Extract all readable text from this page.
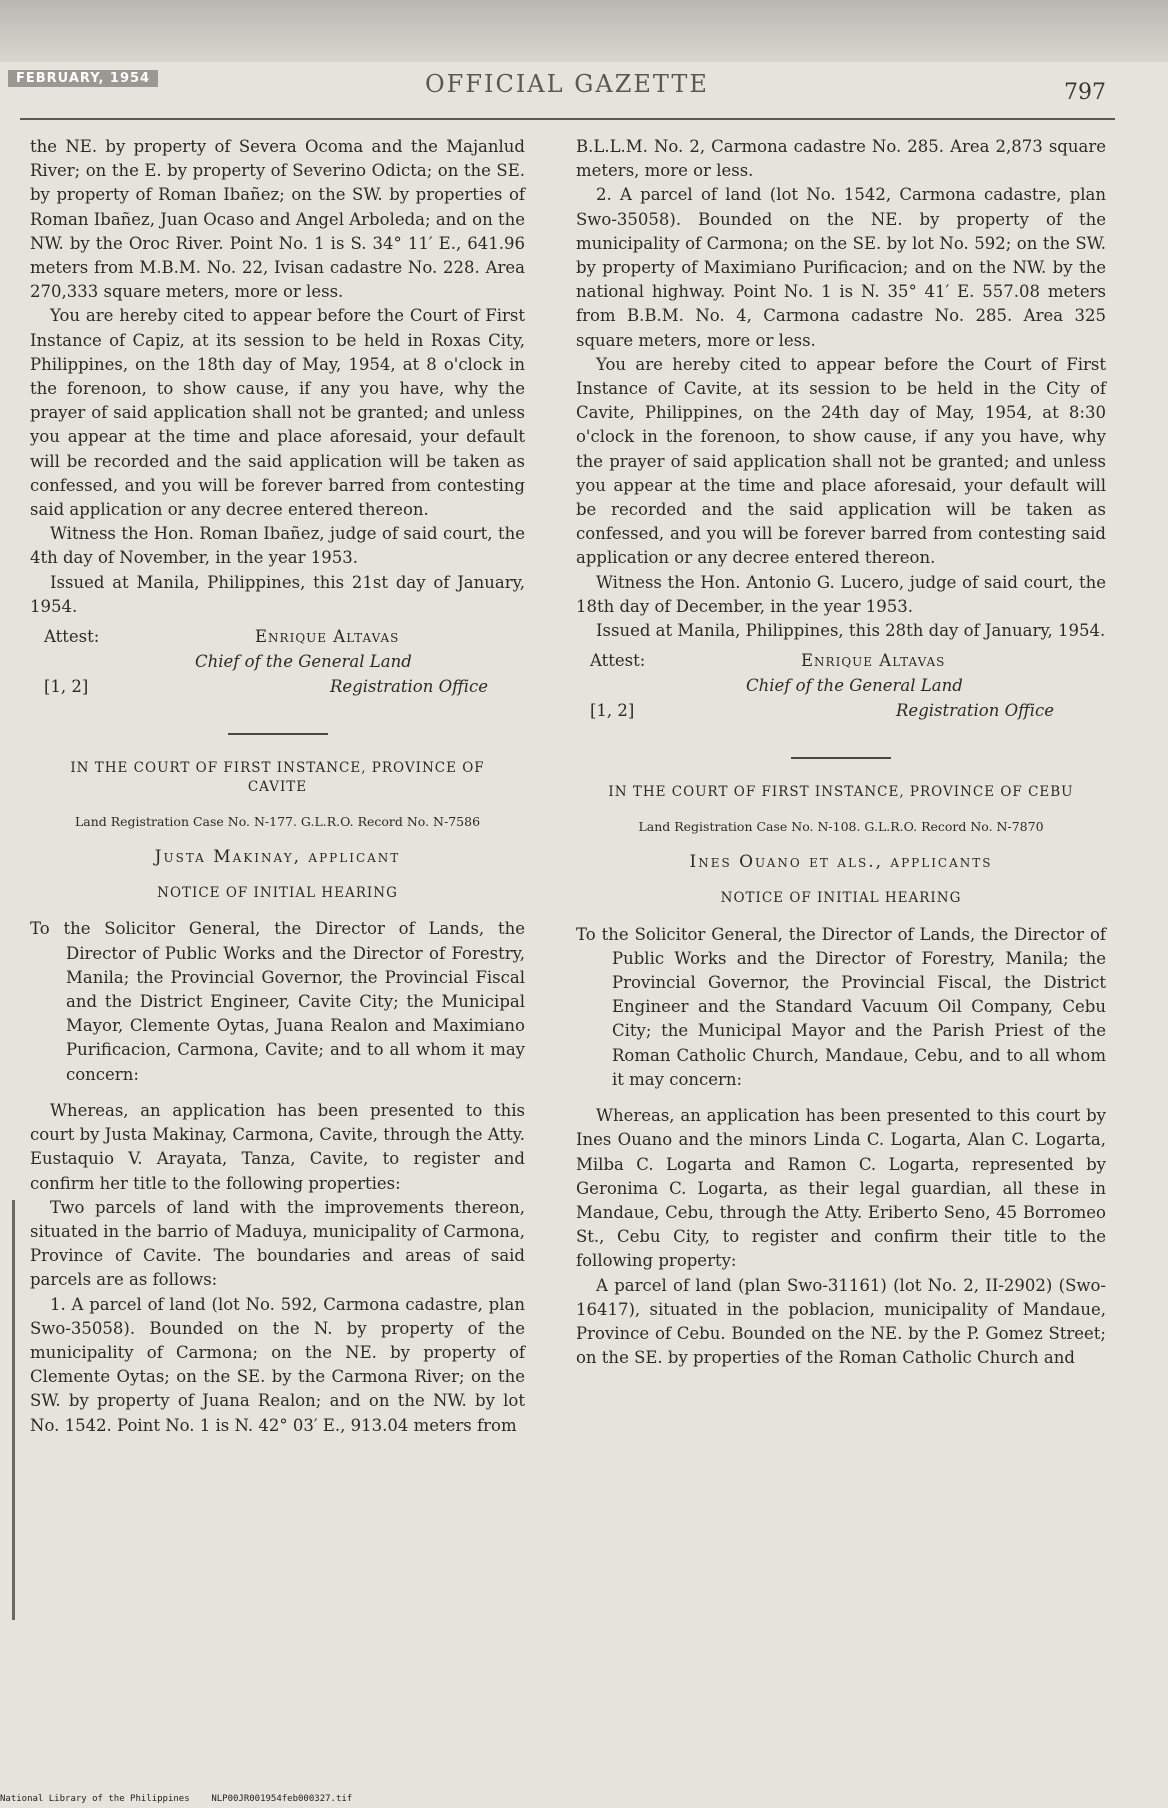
FEBRUARY, 1954	OFFICIAL GAZETTE	797

the NE. by property of Severa Ocoma and the Majanlud River; on the E. by property of Severino Odicta; on the SE. by property of Roman Ibañez; on the SW. by properties of Roman Ibañez, Juan Ocaso and Angel Arboleda; and on the NW. by the Oroc River. Point No. 1 is S. 34° 11′ E., 641.96 meters from M.B.M. No. 22, Ivisan cadastre No. 228. Area 270,333 square meters, more or less.

You are hereby cited to appear before the Court of First Instance of Capiz, at its session to be held in Roxas City, Philippines, on the 18th day of May, 1954, at 8 o'clock in the forenoon, to show cause, if any you have, why the prayer of said application shall not be granted; and unless you appear at the time and place aforesaid, your default will be recorded and the said application will be taken as confessed, and you will be forever barred from contesting said application or any decree entered thereon.

Witness the Hon. Roman Ibañez, judge of said court, the 4th day of November, in the year 1953.

Issued at Manila, Philippines, this 21st day of January, 1954.

Attest:	Enrique Altavas
Chief of the General Land
[1, 2]	Registration Office
IN THE COURT OF FIRST INSTANCE, PROVINCE OF CAVITE
Land Registration Case No. N-177. G.L.R.O. Record No. N-7586
Justa Makinay, applicant
NOTICE OF INITIAL HEARING

To the Solicitor General, the Director of Lands, the Director of Public Works and the Director of Forestry, Manila; the Provincial Governor, the Provincial Fiscal and the District Engineer, Cavite City; the Municipal Mayor, Clemente Oytas, Juana Realon and Maximiano Purificacion, Carmona, Cavite; and to all whom it may concern:

Whereas, an application has been presented to this court by Justa Makinay, Carmona, Cavite, through the Atty. Eustaquio V. Arayata, Tanza, Cavite, to register and confirm her title to the following properties:

Two parcels of land with the improvements thereon, situated in the barrio of Maduya, municipality of Carmona, Province of Cavite. The boundaries and areas of said parcels are as follows:

1. A parcel of land (lot No. 592, Carmona cadastre, plan Swo-35058). Bounded on the N. by property of the municipality of Carmona; on the NE. by property of Clemente Oytas; on the SE. by the Carmona River; on the SW. by property of Juana Realon; and on the NW. by lot No. 1542. Point No. 1 is N. 42° 03′ E., 913.04 meters from

B.L.L.M. No. 2, Carmona cadastre No. 285. Area 2,873 square meters, more or less.

2. A parcel of land (lot No. 1542, Carmona cadastre, plan Swo-35058). Bounded on the NE. by property of the municipality of Carmona; on the SE. by lot No. 592; on the SW. by property of Maximiano Purificacion; and on the NW. by the national highway. Point No. 1 is N. 35° 41′ E. 557.08 meters from B.B.M. No. 4, Carmona cadastre No. 285. Area 325 square meters, more or less.

You are hereby cited to appear before the Court of First Instance of Cavite, at its session to be held in the City of Cavite, Philippines, on the 24th day of May, 1954, at 8:30 o'clock in the forenoon, to show cause, if any you have, why the prayer of said application shall not be granted; and unless you appear at the time and place aforesaid, your default will be recorded and the said application will be taken as confessed, and you will be forever barred from contesting said application or any decree entered thereon.

Witness the Hon. Antonio G. Lucero, judge of said court, the 18th day of December, in the year 1953.

Issued at Manila, Philippines, this 28th day of January, 1954.

Attest:	Enrique Altavas
Chief of the General Land
[1, 2]	Registration Office
IN THE COURT OF FIRST INSTANCE, PROVINCE OF CEBU
Land Registration Case No. N-108. G.L.R.O. Record No. N-7870
Ines Ouano et als., applicants
NOTICE OF INITIAL HEARING

To the Solicitor General, the Director of Lands, the Director of Public Works and the Director of Forestry, Manila; the Provincial Governor, the Provincial Fiscal, the District Engineer and the Standard Vacuum Oil Company, Cebu City; the Municipal Mayor and the Parish Priest of the Roman Catholic Church, Mandaue, Cebu, and to all whom it may concern:

Whereas, an application has been presented to this court by Ines Ouano and the minors Linda C. Logarta, Alan C. Logarta, Milba C. Logarta and Ramon C. Logarta, represented by Geronima C. Logarta, as their legal guardian, all these in Mandaue, Cebu, through the Atty. Eriberto Seno, 45 Borromeo St., Cebu City, to register and confirm their title to the following property:

A parcel of land (plan Swo-31161) (lot No. 2, II-2902) (Swo-16417), situated in the poblacion, municipality of Mandaue, Province of Cebu. Bounded on the NE. by the P. Gomez Street; on the SE. by properties of the Roman Catholic Church and

National Library of the Philippines    NLP00JR001954feb000327.tif
